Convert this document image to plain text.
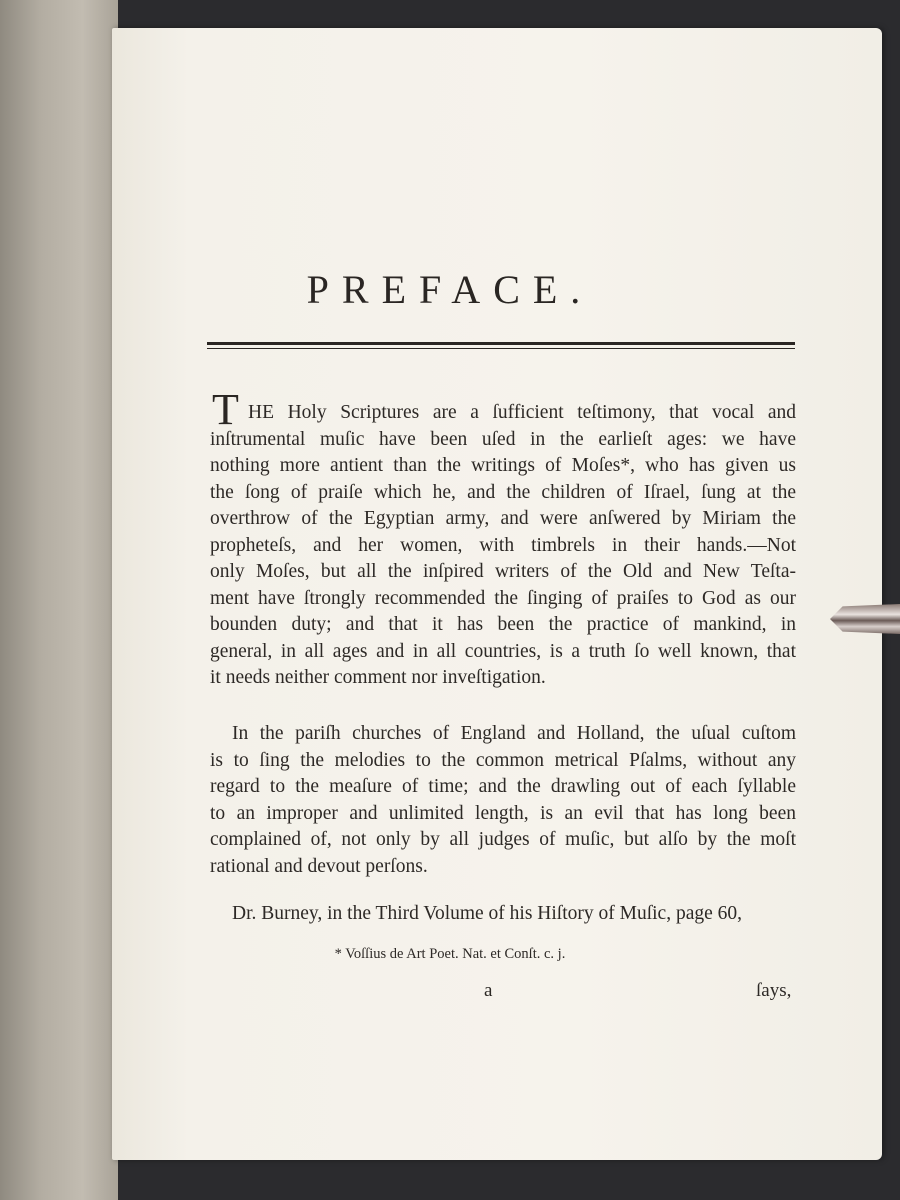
PREFACE.
T HE Holy Scriptures are a ſufficient teſtimony, that vocal and
inſtrumental muſic have been uſed in the earlieſt ages: we have
nothing more antient than the writings of Moſes*, who has given us
the ſong of praiſe which he, and the children of Iſrael, ſung at the
overthrow of the Egyptian army, and were anſwered by Miriam the
propheteſs, and her women, with timbrels in their hands.—Not
only Moſes, but all the inſpired writers of the Old and New Teſta-
ment have ſtrongly recommended the ſinging of praiſes to God as our
bounden duty; and that it has been the practice of mankind, in
general, in all ages and in all countries, is a truth ſo well known, that
it needs neither comment nor inveſtigation.
In the pariſh churches of England and Holland, the uſual cuſtom
is to ſing the melodies to the common metrical Pſalms, without any
regard to the meaſure of time; and the drawling out of each ſyllable
to an improper and unlimited length, is an evil that has long been
complained of, not only by all judges of muſic, but alſo by the moſt
rational and devout perſons.
Dr. Burney, in the Third Volume of his Hiſtory of Muſic, page 60,
* Voſſius de Art Poet. Nat. et Conſt. c. j.
a	ſays,
